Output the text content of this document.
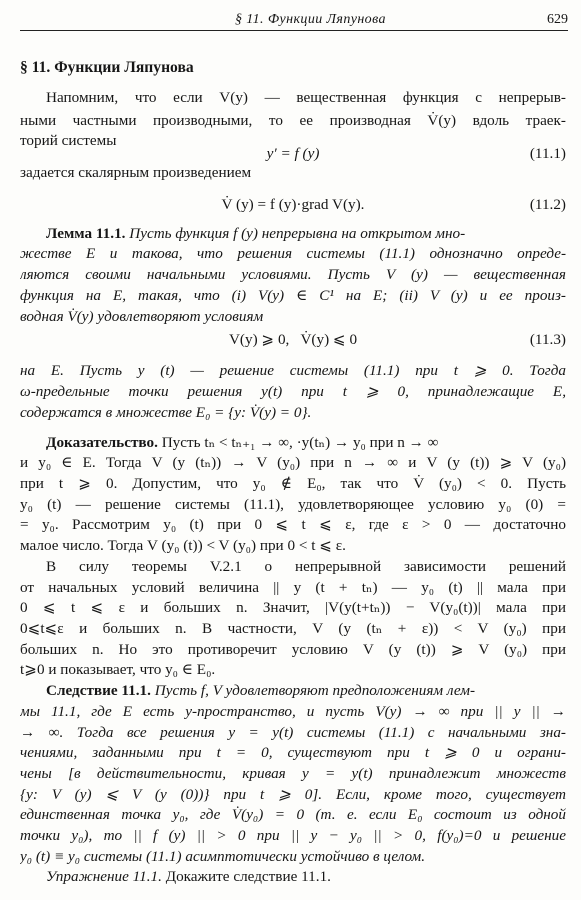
§ 11. Функции Ляпунова	629
§ 11. Функции Ляпунова
Напомним, что если V(y) — вещественная функция с непрерыв-
ными частными производными, то ее производная V̇(y) вдоль траек-
торий системы
y′ = f (y)	(11.1)
задается скалярным произведением
V̇ (y) = f (y)·grad V(y).	(11.2)
Лемма 11.1. Пусть функция f (y) непрерывна на открытом мно-
жестве E и такова, что решения системы (11.1) однозначно опреде-
ляются своими начальными условиями. Пусть V (y) — вещественная
функция на E, такая, что (i) V(y) ∈ C¹ на E; (ii) V (y) и ее произ-
водная V̇(y) удовлетворяют условиям
V(y) ⩾ 0,   V̇(y) ⩽ 0	(11.3)
на E. Пусть y (t) — решение системы (11.1) при t ⩾ 0. Тогда
ω-предельные точки решения y(t) при t ⩾ 0, принадлежащие E,
содержатся в множестве E₀ = {y: V̇(y) = 0}.
Доказательство. Пусть tₙ < tₙ₊₁ → ∞, ·y(tₙ) → y₀ при n → ∞
и y₀ ∈ E. Тогда V (y (tₙ)) → V (y₀) при n → ∞ и V (y (t)) ⩾ V (y₀)
при t ⩾ 0. Допустим, что y₀ ∉ E₀, так что V̇ (y₀) < 0. Пусть
y₀ (t) — решение системы (11.1), удовлетворяющее условию y₀ (0) =
= y₀. Рассмотрим y₀ (t) при 0 ⩽ t ⩽ ε, где ε > 0 — достаточно
малое число. Тогда V (y₀ (t)) < V (y₀) при 0 < t ⩽ ε.
В силу теоремы V.2.1 о непрерывной зависимости решений
от начальных условий величина || y (t + tₙ) — y₀ (t) || мала при
0 ⩽ t ⩽ ε и больших n. Значит, |V(y(t+tₙ)) − V(y₀(t))| мала при
0⩽t⩽ε и больших n. В частности, V (y (tₙ + ε)) < V (y₀) при
больших n. Но это противоречит условию V (y (t)) ⩾ V (y₀) при
t⩾0 и показывает, что y₀ ∈ E₀.
Следствие 11.1. Пусть f, V удовлетворяют предположениям лем-
мы 11.1, где E есть y-пространство, и пусть V(y) → ∞ при || y || →
→ ∞. Тогда все решения y = y(t) системы (11.1) с начальными зна-
чениями, заданными при t = 0, существуют при t ⩾ 0 и ограни-
чены [в действительности, кривая y = y(t) принадлежит множеств
{y: V (y) ⩽ V (y (0))} при t ⩾ 0]. Если, кроме того, существует
единственная точка y₀, где V̇(y₀) = 0 (т. е. если E₀ состоит из одной
точки y₀), то || f (y) || > 0 при || y − y₀ || > 0, f(y₀)=0 и решение
y₀ (t) ≡ y₀ системы (11.1) асимптотически устойчиво в целом.
Упражнение 11.1. Докажите следствие 11.1.
